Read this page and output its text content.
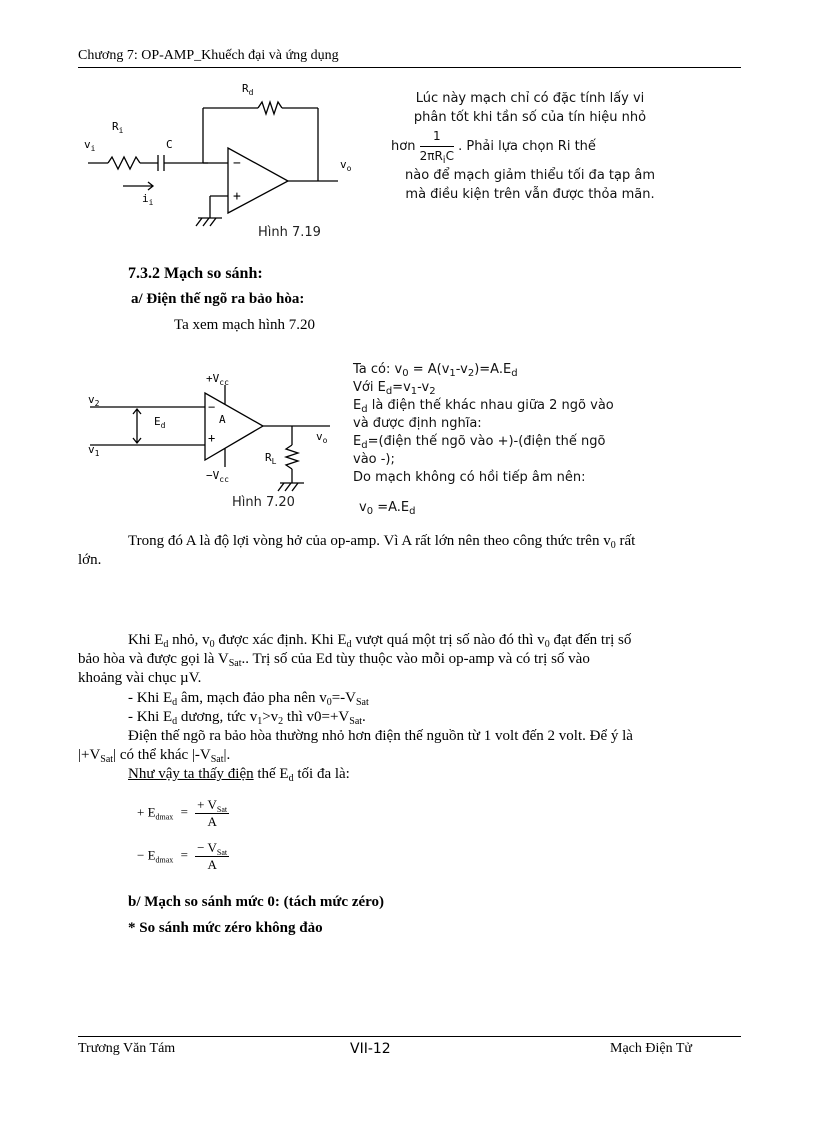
Chương 7: OP-AMP_Khuếch đại và ứng dụng
$R_d$
$R_i$
C
$v_i$
$v_o$
$i_i$
−
+
Hình 7.19
Lúc này mạch chỉ có đặc tính lấy vi
phân tốt khi tần số của tín hiệu nhỏ
hơn $\frac{1}{2\pi R_iC}$ . Phải lựa chọn Ri thế
nào để mạch giảm thiểu tối đa tạp âm
mà điều kiện trên vẫn được thỏa mãn.
7.3.2 Mạch so sánh:
a/ Điện thế ngõ ra bảo hòa:
Ta xem mạch hình 7.20
$+V_{cc}$
$-V_{cc}$
$v_2$
$v_1$
$E_d$	A
−
+	$v_o$
$R_L$
Hình 7.20
Ta có: $v_0 = A(v_1-v_2)=A.E_d$
Với $E_d=v_1-v_2$
$E_d$ là điện thế khác nhau giữa 2 ngõ vào
và được định nghĩa:
$E_d=(điện$ thế ngõ vào +)-(điện thế ngõ
vào -);
Do mạch không có hồi tiếp âm nên:
$v_0 =A.E_d$
Trong đó A là độ lợi vòng hở của op-amp. Vì A rất lớn nên theo công thức trên $v_0$ rất
lớn.
Khi $E_d$ nhỏ, $v_0$ được xác định. Khi $E_d$ vượt quá một trị số nào đó thì $v_0$ đạt đến trị số
bảo hòa và được gọi là $V_{Sat}$.. Trị số của Ed tùy thuộc vào mỗi op-amp và có trị số vào
khoảng vài chục µV.
- Khi $E_d$ âm, mạch đảo pha nên $v_0=-V_{Sat}$
- Khi $E_d$ dương, tức $v_1>v_2$ thì $v0=+V_{Sat}$.
Điện thế ngõ ra bảo hòa thường nhỏ hơn điện thế nguồn từ 1 volt đến 2 volt. Để ý là
$|+V_{Sat}|$ có thể khác $|-V_{Sat}|$.
Như vậy ta thấy điện thế $E_d$ tối đa là:
+ $E_{dmax} = \frac{+ V_{Sat}}{A}$
− $E_{dmax} = \frac{- V_{Sat}}{A}$
b/ Mạch so sánh mức 0: (tách mức zéro)
* So sánh mức zéro không đảo
Trương Văn Tám	VII-12	Mạch Điện Tử
